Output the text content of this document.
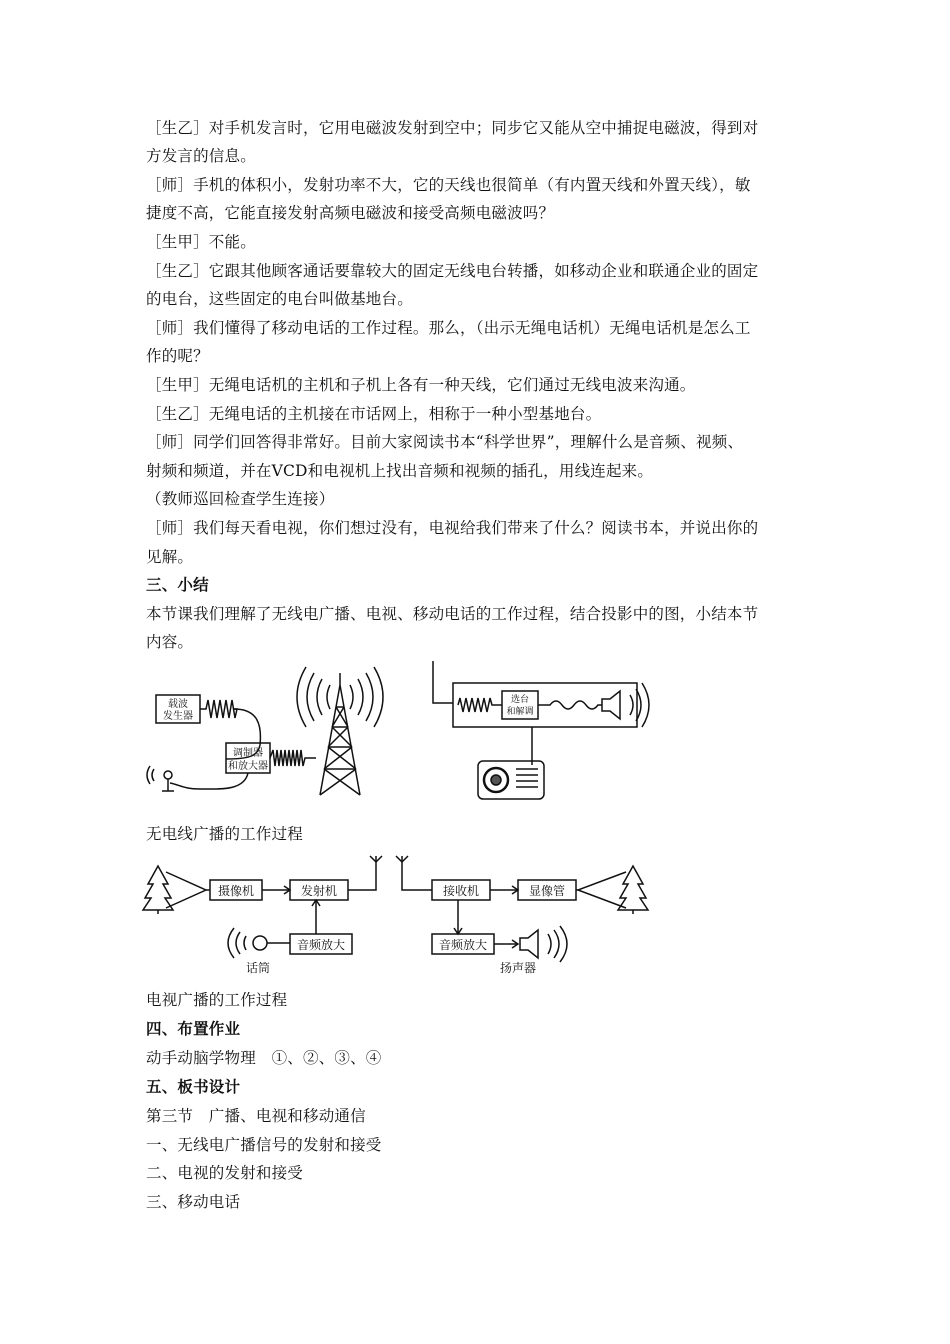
［生乙］对手机发言时，它用电磁波发射到空中；同步它又能从空中捕捉电磁波，得到对
方发言的信息。
［师］手机的体积小，发射功率不大，它的天线也很简单（有内置天线和外置天线），敏
捷度不高，它能直接发射高频电磁波和接受高频电磁波吗？
［生甲］不能。
［生乙］它跟其他顾客通话要靠较大的固定无线电台转播，如移动企业和联通企业的固定
的电台，这些固定的电台叫做基地台。
［师］我们懂得了移动电话的工作过程。那么，（出示无绳电话机）无绳电话机是怎么工
作的呢？
［生甲］无绳电话机的主机和子机上各有一种天线，它们通过无线电波来沟通。
［生乙］无绳电话的主机接在市话网上，相称于一种小型基地台。
［师］同学们回答得非常好。目前大家阅读书本“科学世界”，理解什么是音频、视频、
射频和频道，并在VCD和电视机上找出音频和视频的插孔，用线连起来。
（教师巡回检查学生连接）
［师］我们每天看电视，你们想过没有，电视给我们带来了什么？阅读书本，并说出你的
见解。
三、小结
本节课我们理解了无线电广播、电视、移动电话的工作过程，结合投影中的图，小结本节
内容。
载波
发生器
调制器
和放大器
选台
和解调
无电线广播的工作过程
摄像机	发射机
音频放大
接收机	显像管
音频放大
话筒	扬声器
电视广播的工作过程
四、布置作业
动手动脑学物理　①、②、③、④
五、板书设计
第三节　广播、电视和移动通信
一、无线电广播信号的发射和接受
二、电视的发射和接受
三、移动电话
